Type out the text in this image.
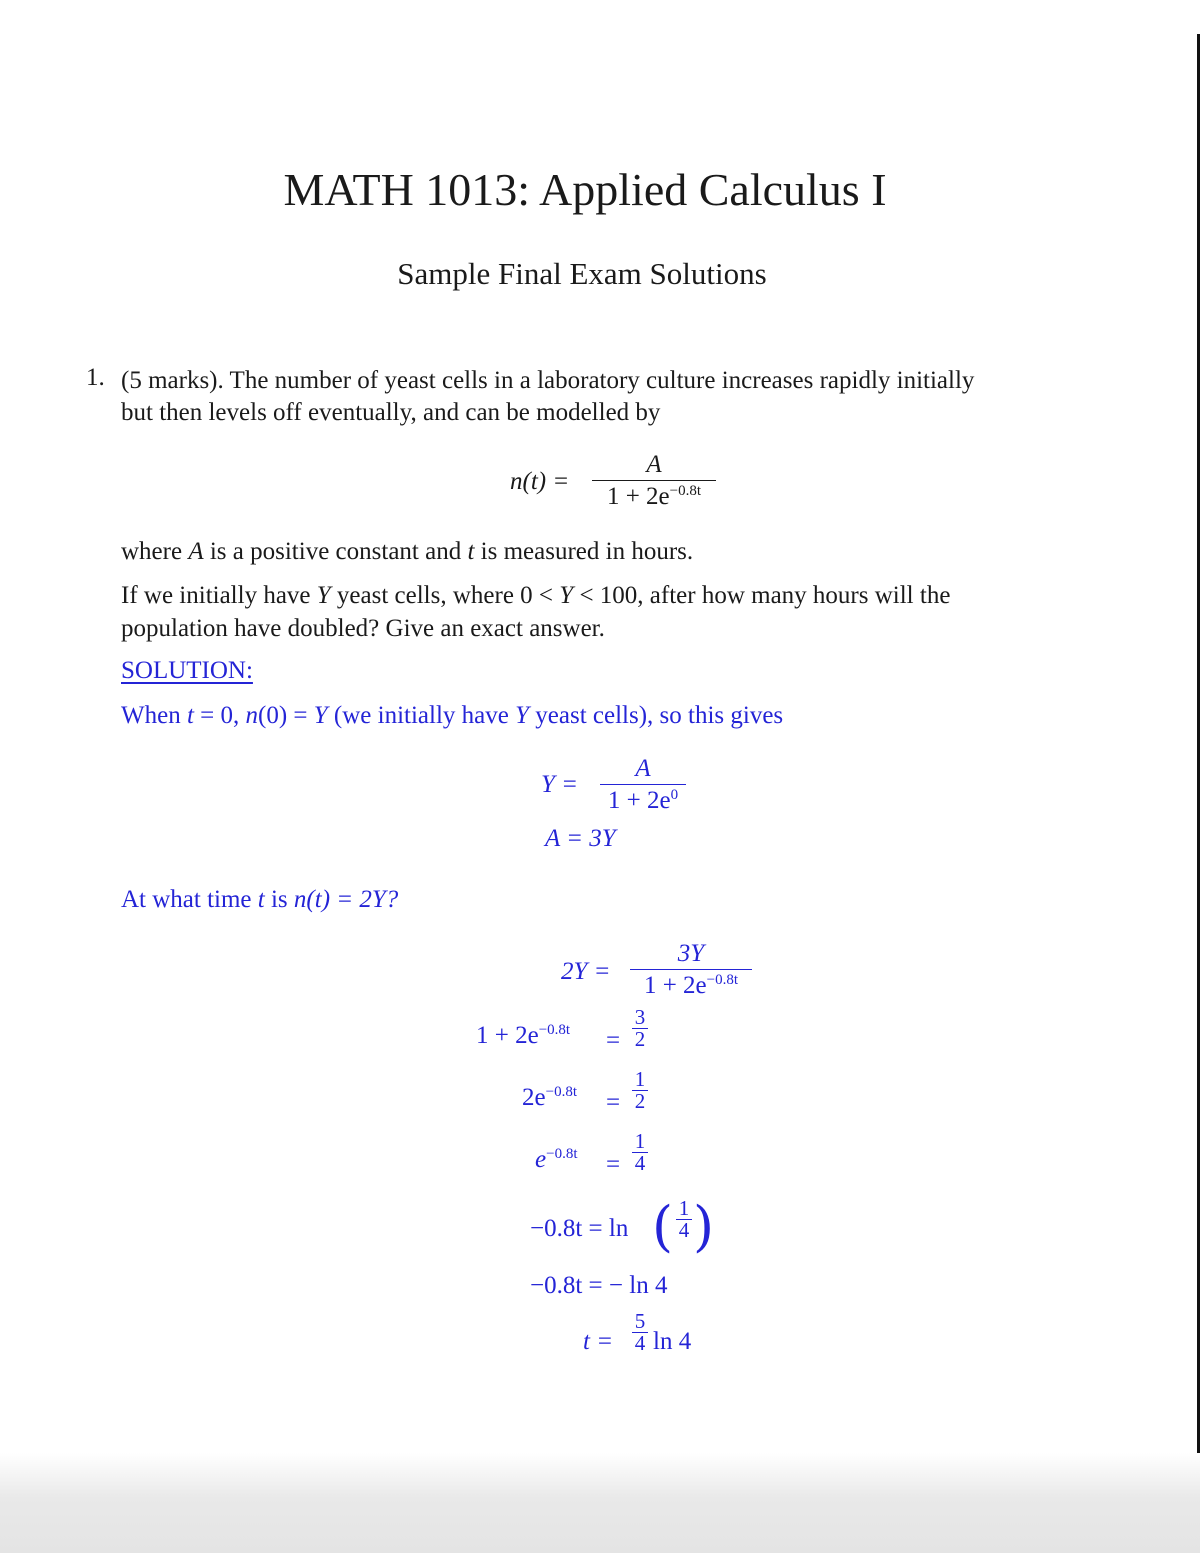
MATH 1013: Applied Calculus I
Sample Final Exam Solutions
1. (5 marks). The number of yeast cells in a laboratory culture increases rapidly initially
but then levels off eventually, and can be modelled by
n(t) =
A
$1 + 2e^{-0.8t}$
where A is a positive constant and t is measured in hours.
If we initially have Y yeast cells, where 0 < Y < 100, after how many hours will the
population have doubled? Give an exact answer.
SOLUTION:
When t = 0, n(0) = Y (we initially have Y yeast cells), so this gives
Y =
A
$1 + 2e^0$
A = 3Y
At what time t is n(t) = 2Y?
2Y =
3Y
$1 + 2e^{-0.8t}$
$1 + 2e^{-0.8t}$ =
3
2
$2e^{-0.8t}$ =
1
2
$e^{-0.8t}$ =
1
4
−0.8t = ln ( 1
4 )
−0.8t = − ln 4
t =
5
4 ln 4
